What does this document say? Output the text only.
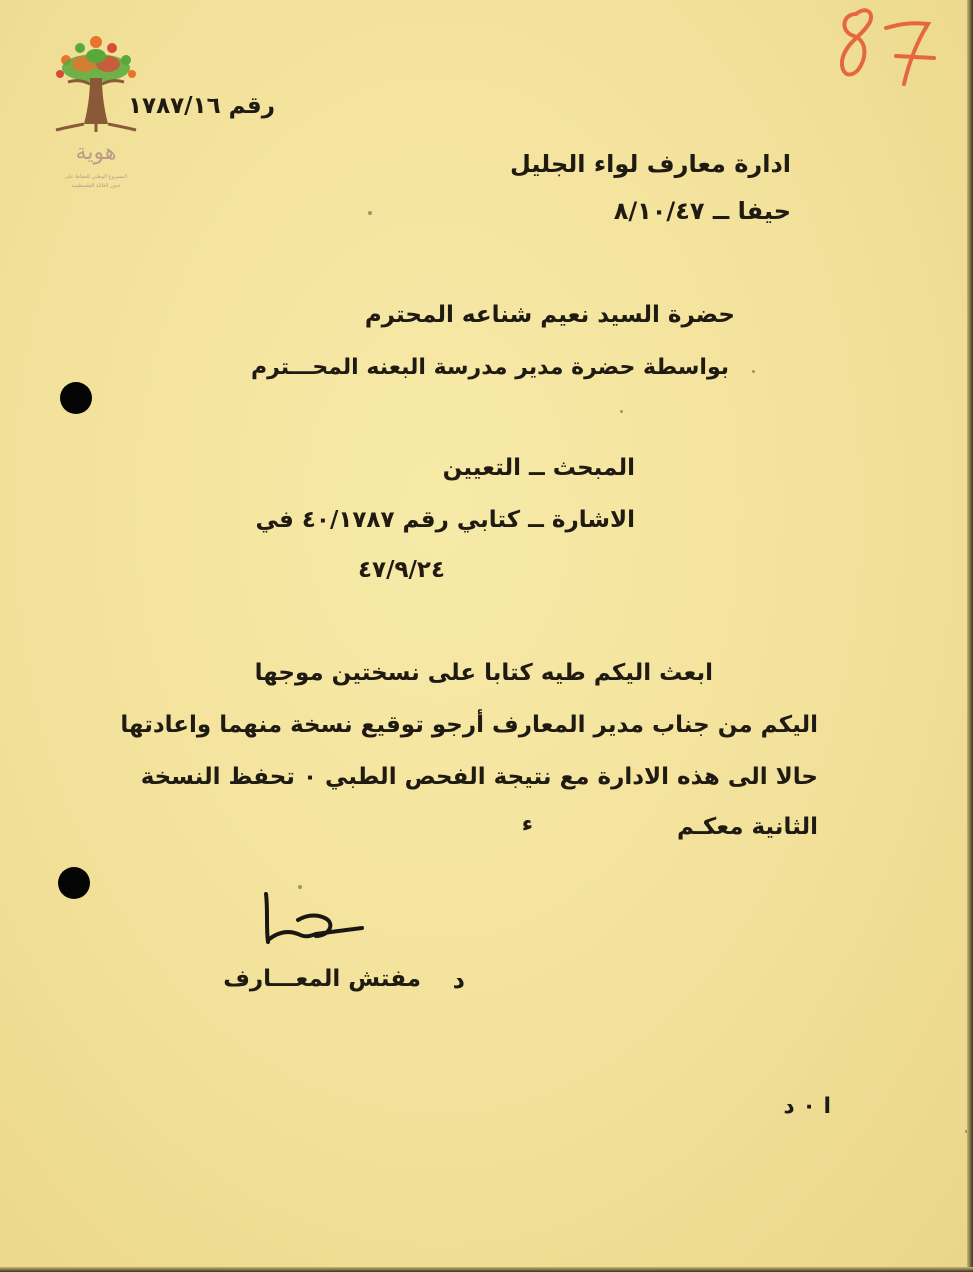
هوية
المشروع الوطني للحفاظ على
جذور العائلة الفلسطينية
رقم ١٧٨٧/١٦
ادارة معارف لواء الجليل
حيفا ــ ٨/١٠/٤٧
حضرة السيد نعيم شناعه المحترم
بواسطة حضرة مدير مدرسة البعنه المحـــترم
المبحث ــ التعيين
الاشارة ــ كتابي رقم ٤٠/١٧٨٧ في
٤٧/٩/٢٤
ابعث اليكم طيه كتابا على نسختين موجها
اليكم من جناب مدير المعارف أرجو توقيع نسخة منهما واعادتها
حالا الى هذه الادارة مع نتيجة الفحص الطبي ٠ تحفظ النسخة
الثانية معكـم
ء
د
مفتش المعـــارف
ا ٠ د
